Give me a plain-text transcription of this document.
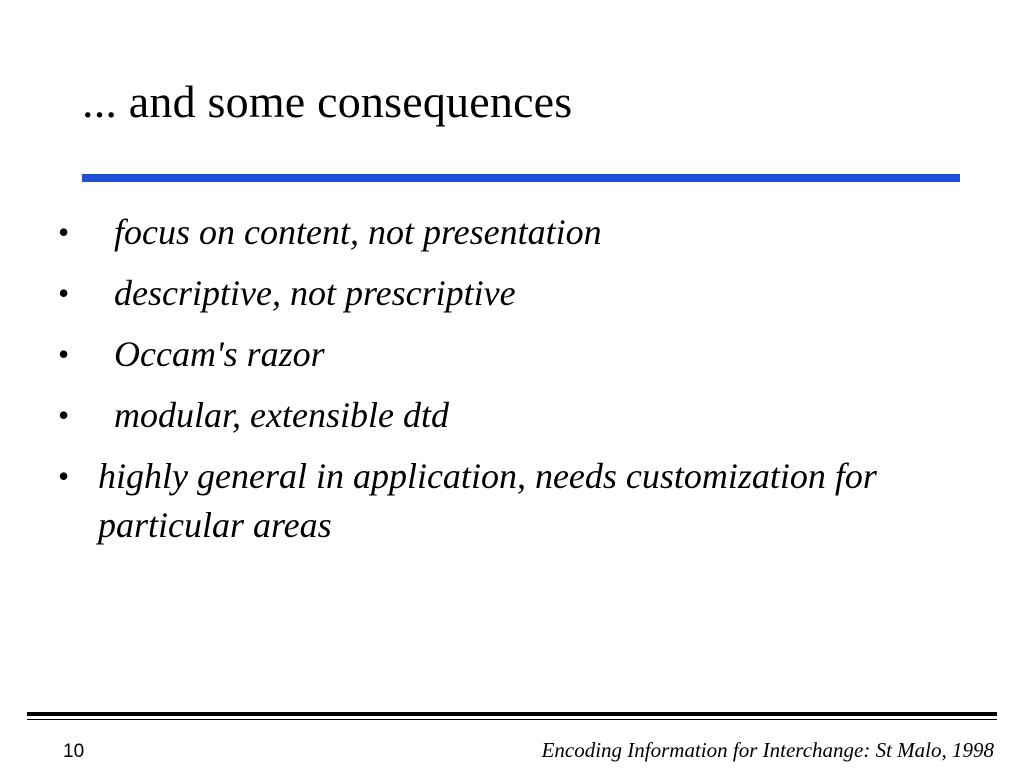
... and some consequences
•	focus on content, not presentation
•	descriptive, not prescriptive
•	Occam's razor
•	modular, extensible dtd
• highly general in application, needs customization for particular areas
10	Encoding Information for Interchange: St Malo, 1998
